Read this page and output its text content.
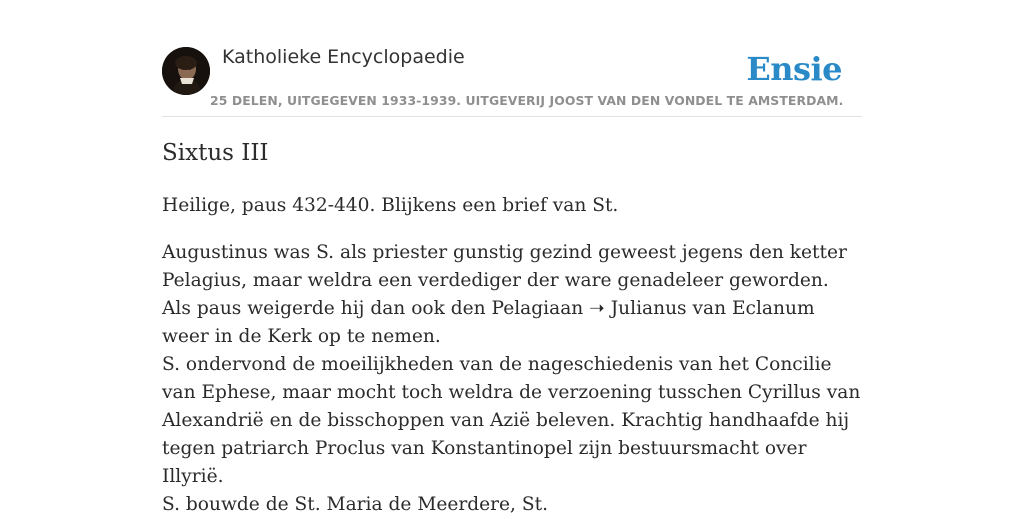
Katholieke Encyclopaedie
25 DELEN, UITGEGEVEN 1933-1939. UITGEVERIJ JOOST VAN DEN VONDEL TE AMSTERDAM.
Ensie
Sixtus III

Heilige, paus 432-440. Blijkens een brief van St.

Augustinus was S. als priester gunstig gezind geweest jegens den ketter Pelagius, maar weldra een verdediger der ware genadeleer geworden. Als paus weigerde hij dan ook den Pelagiaan ➝ Julianus van Eclanum weer in de Kerk op te nemen.

S. ondervond de moeilijkheden van de nageschiedenis van het Concilie van Ephese, maar mocht toch weldra de verzoening tusschen Cyrillus van Alexandrië en de bisschoppen van Azië beleven. Krachtig handhaafde hij tegen patriarch Proclus van Konstantinopel zijn bestuursmacht over Illyrië.

S. bouwde de St. Maria de Meerdere, St.
